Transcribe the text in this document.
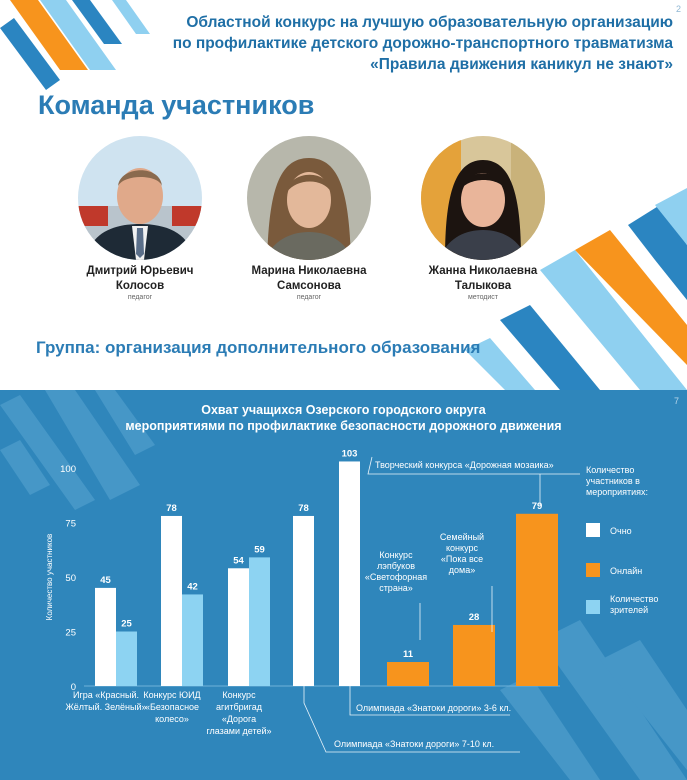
2
Областной конкурс на лучшую образовательную организацию
по профилактике детского дорожно-транспортного травматизма
«Правила движения каникул не знают»
Команда участников
Дмитрий Юрьевич
Колосов
педагог
Марина Николаевна
Самсонова
педагог
Жанна Николаевна
Талыкова
методист
Группа: организация дополнительного образования
7
Охват учащихся Озерского городского округа
мероприятиями по профилактике безопасности дорожного движения
0
25
50
75
100
Количество участников	45
25
78
42
54
59
78
103
11
28
79
Игра «Красный.
Жёлтый. Зелёный»
Конкурс ЮИД
«Безопасное
колесо»
Конкурс
агитбригад
«Дорога
глазами детей»
Творческий конкурса «Дорожная мозаика»
Конкурс
лэпбуков
«Светофорная
страна»
Семейный
конкурс
«Пока все
дома»
Олимпиада «Знатоки дороги» 3-6 кл.
Олимпиада «Знатоки дороги» 7-10 кл.
Количество
участников в
мероприятиях:
Очно
Онлайн
Количество
зрителей
